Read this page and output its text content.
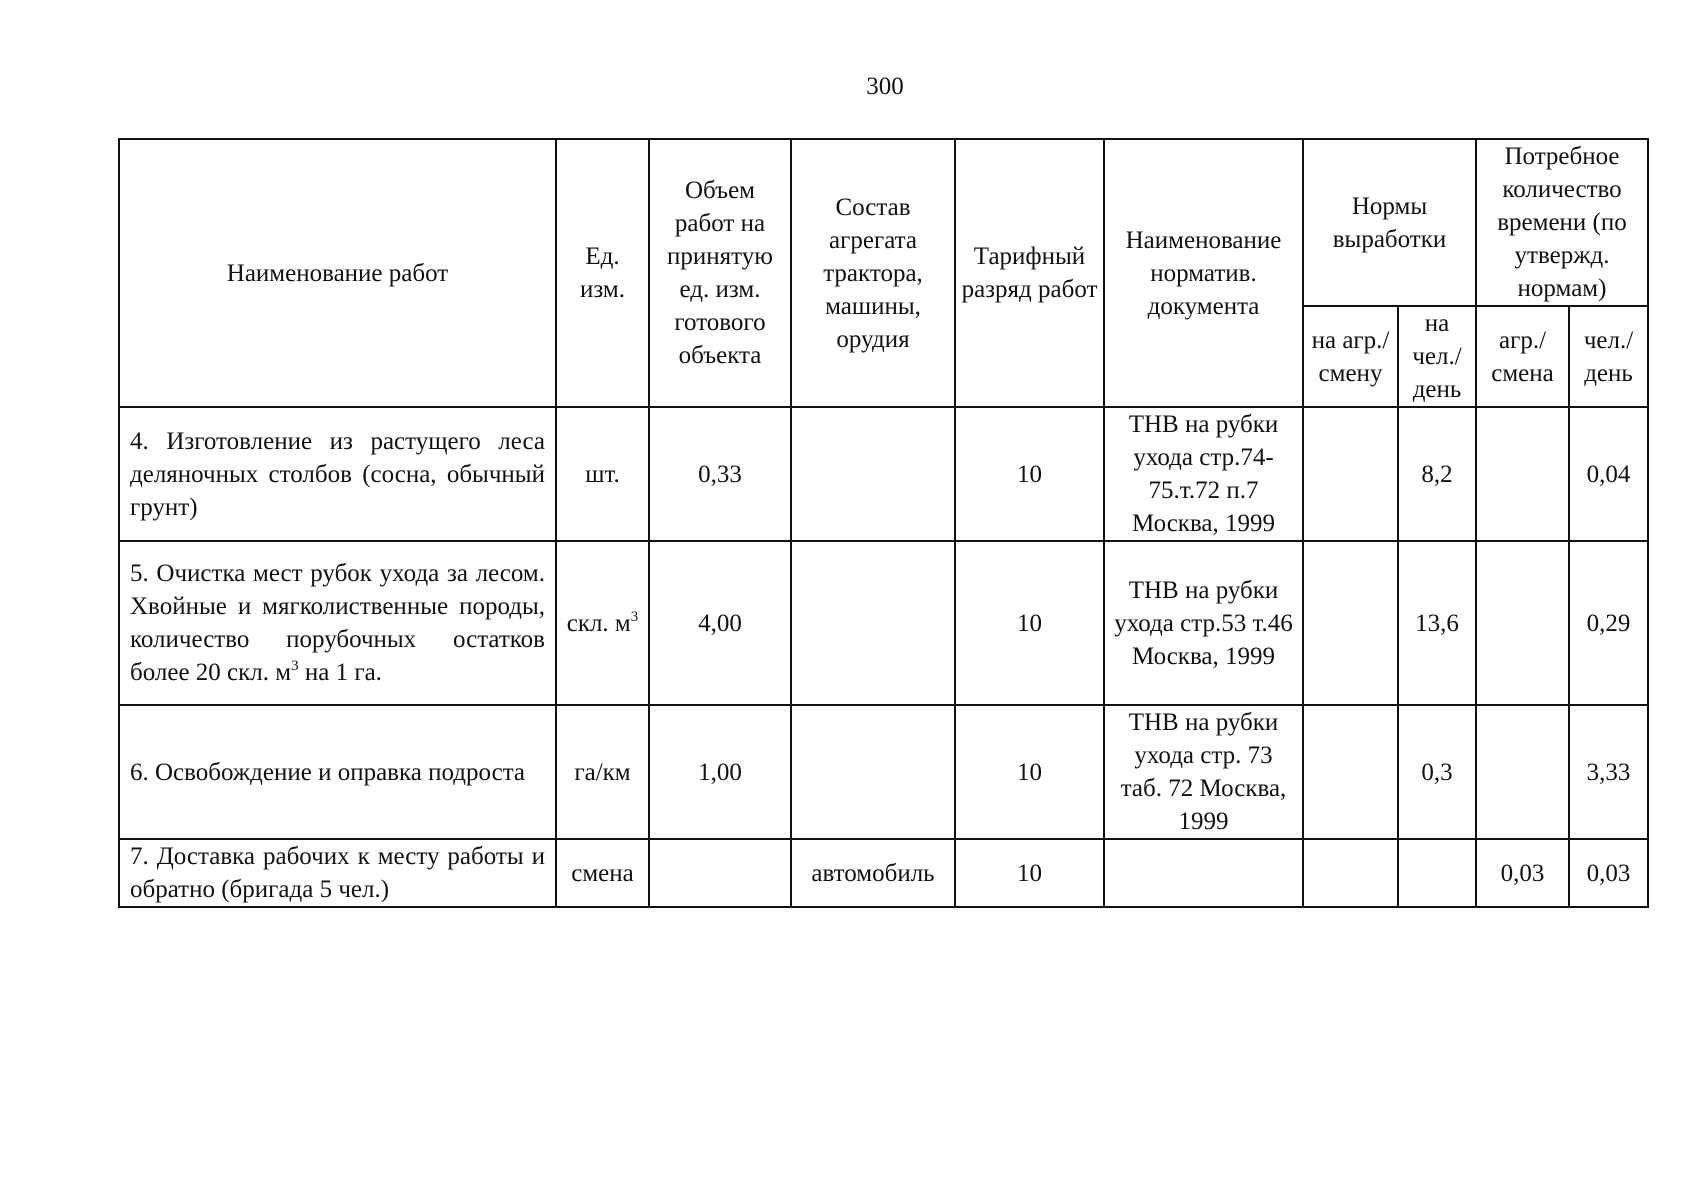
300
Наименование работ	Ед. изм.	Объем работ на принятую ед. изм. готового объекта	Состав агрегата трактора, машины, орудия	Тарифный разряд работ	Наименование норматив. документа	Нормы выработки		Потребное количество времени (по утвержд. нормам)	
						на агр./ смену	на чел./ день	агр./ смена	чел./ день
4. Изготовление из растущего леса деляночных столбов (сосна, обычный грунт)	шт.	0,33		10	ТНВ на рубки ухода стр.74-75.т.72 п.7 Москва, 1999		8,2		0,04
5. Очистка мест рубок ухода за лесом. Хвойные и мягколиственные породы, количество порубочных остатков более 20 скл. $м^3$ на 1 га.	скл. $м^3$	4,00		10	ТНВ на рубки ухода стр.53 т.46 Москва, 1999		13,6		0,29
6. Освобождение и оправка подроста	га/км	1,00		10	ТНВ на рубки ухода стр. 73 таб. 72 Москва, 1999		0,3		3,33
7. Доставка рабочих к месту работы и обратно (бригада 5 чел.)	смена		автомобиль	10				0,03	0,03
